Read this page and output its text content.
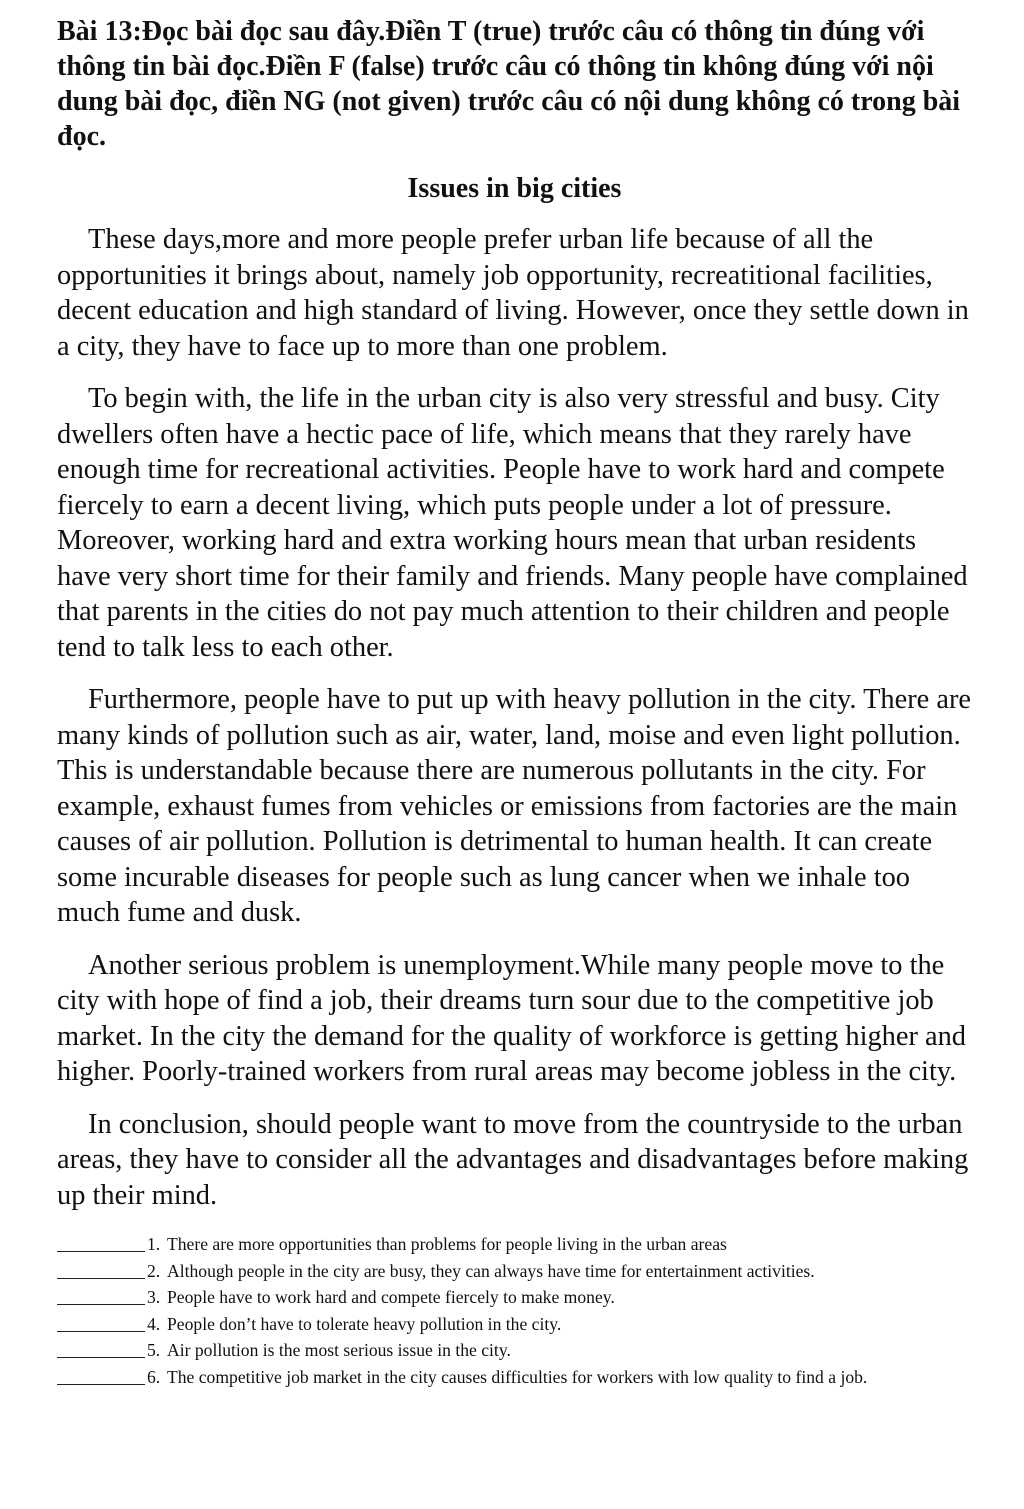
Bài 13:Đọc bài đọc sau đây.Điền T (true) trước câu có thông tin đúng với thông tin bài đọc.Điền F (false) trước câu có thông tin không đúng với nội dung bài đọc, điền NG (not given) trước câu có nội dung không có trong bài đọc.

Issues in big cities

These days,more and more people prefer urban life because of all the opportunities it brings about, namely job opportunity, recreatitional facilities, decent education and high standard of living. However, once they settle down in a city, they have to face up to more than one problem.

To begin with, the life in the urban city is also very stressful and busy. City dwellers often have a hectic pace of life, which means that they rarely have enough time for recreational activities. People have to work hard and compete fiercely to earn a decent living, which puts people under a lot of pressure. Moreover, working hard and extra working hours mean that urban residents have very short time for their family and friends. Many people have complained that parents in the cities do not pay much attention to their children and people tend to talk less to each other.

Furthermore, people have to put up with heavy pollution in the city. There are many kinds of pollution such as air, water, land, moise and even light pollution. This is understandable because there are numerous pollutants in the city. For example, exhaust fumes from vehicles or emissions from factories are the main causes of air pollution. Pollution is detrimental to human health. It can create some incurable diseases for people such as lung cancer when we inhale too much fume and dusk.

Another serious problem is unemployment.While many people move to the city with hope of find a job, their dreams turn sour due to the competitive job market. In the city the demand for the quality of workforce is getting higher and higher. Poorly-trained workers from rural areas may become jobless in the city.

In conclusion, should people want to move from the countryside to the urban areas, they have to consider all the advantages and disadvantages before making up their mind.

1. There are more opportunities than problems for people living in the urban areas
2. Although people in the city are busy, they can always have time for entertainment activities.
3. People have to work hard and compete fiercely to make money.
4. People don’t have to tolerate heavy pollution in the city.
5. Air pollution is the most serious issue in the city.
6. The competitive job market in the city causes difficulties for workers with low quality to find a job.
